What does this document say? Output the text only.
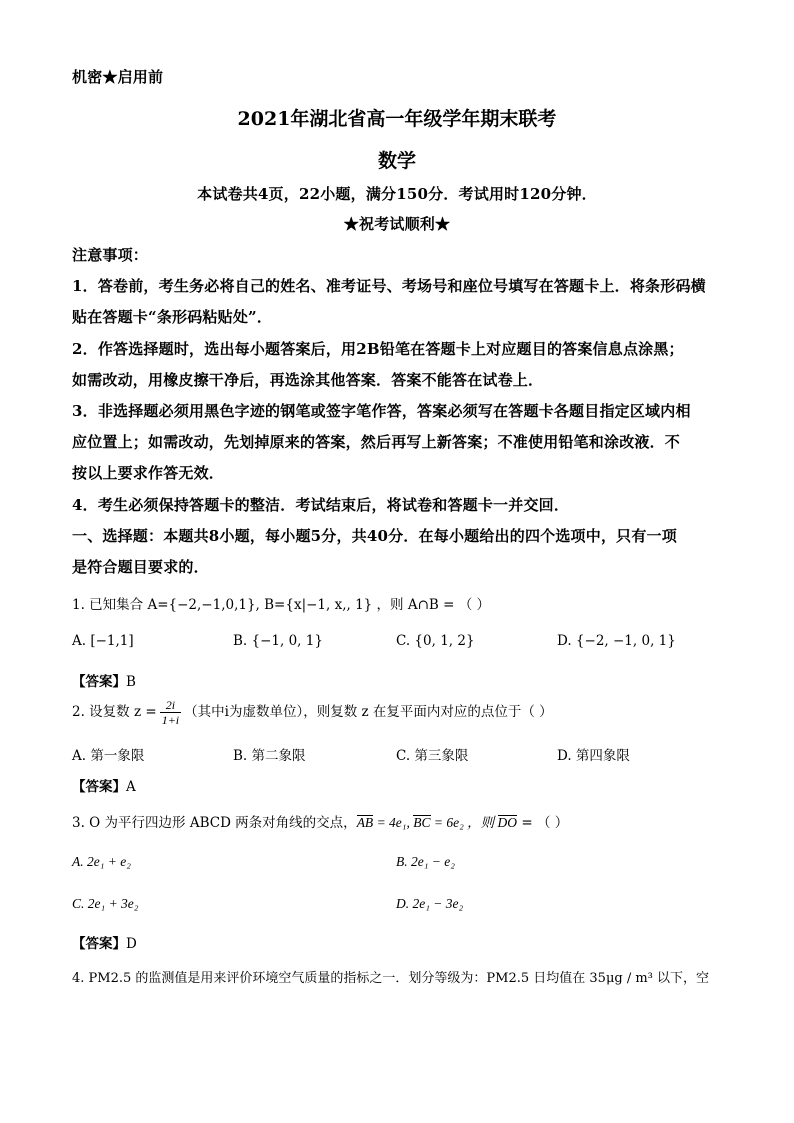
机密★启用前
2021年湖北省高一年级学年期末联考
数学
本试卷共4页，22小题，满分150分．考试用时120分钟．
★祝考试顺利★
注意事项：
1．答卷前，考生务必将自己的姓名、准考证号、考场号和座位号填写在答题卡上．将条形码横
贴在答题卡“条形码粘贴处”．
2．作答选择题时，选出每小题答案后，用2B铅笔在答题卡上对应题目的答案信息点涂黑；
如需改动，用橡皮擦干净后，再选涂其他答案．答案不能答在试卷上．
3．非选择题必须用黑色字迹的钢笔或签字笔作答，答案必须写在答题卡各题目指定区域内相
应位置上；如需改动，先划掉原来的答案，然后再写上新答案；不准使用铅笔和涂改液．不
按以上要求作答无效．
4．考生必须保持答题卡的整洁．考试结束后，将试卷和答题卡一并交回．
一、选择题：本题共8小题，每小题5分，共40分．在每小题给出的四个选项中，只有一项
是符合题目要求的．
1. 已知集合 A={−2,−1,0,1}, B={x|−1, x,, 1} ，则 A∩B = （ ）
A. [−1,1]	B. {−1, 0, 1}	C. {0, 1, 2}	D. {−2, −1, 0, 1}
【答案】B
2. 设复数 $z = \frac{2i}{1+i}$ （其中i为虚数单位），则复数 z 在复平面内对应的点位于（ ）
A. 第一象限	B. 第二象限	C. 第三象限	D. 第四象限
【答案】A
3. O 为平行四边形 ABCD 两条对角线的交点，AB = 4e₁, BC = 6e₂ ，则 DO = （ ）
A. 2e₁ + e₂	B. 2e₁ − e₂
C. 2e₁ + 3e₂	D. 2e₁ − 3e₂
【答案】D
4. PM2.5 的监测值是用来评价环境空气质量的指标之一．划分等级为：PM2.5 日均值在 35μg / m³ 以下，空
